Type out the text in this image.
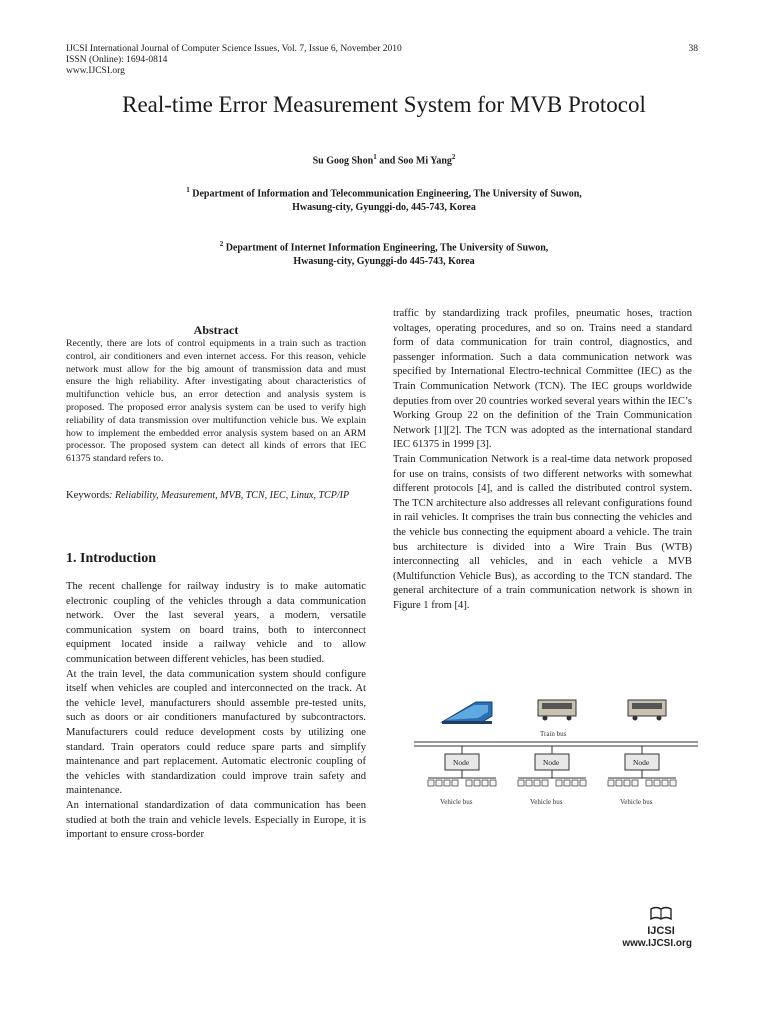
IJCSI International Journal of Computer Science Issues, Vol. 7, Issue 6, November 2010
ISSN (Online): 1694-0814
www.IJCSI.org
38
Real-time Error Measurement System for MVB Protocol
Su Goog Shon$^1$ and Soo Mi Yang$^2$
$^1$ Department of Information and Telecommunication Engineering, The University of Suwon,
Hwasung-city, Gyunggi-do, 445-743, Korea
$^2$ Department of Internet Information Engineering, The University of Suwon,
Hwasung-city, Gyunggi-do 445-743, Korea
Abstract
Recently, there are lots of control equipments in a train such as traction control, air conditioners and even internet access. For this reason, vehicle network must allow for the big amount of transmission data and must ensure the high reliability. After investigating about characteristics of multifunction vehicle bus, an error detection and analysis system is proposed. The proposed error analysis system can be used to verify high reliability of data transmission over multifunction vehicle bus. We explain how to implement the embedded error analysis system based on an ARM processor. The proposed system can detect all kinds of errors that IEC 61375 standard refers to.
Keywords: Reliability, Measurement, MVB, TCN, IEC, Linux, TCP/IP
1. Introduction

The recent challenge for railway industry is to make automatic electronic coupling of the vehicles through a data communication network. Over the last several years, a modern, versatile communication system on board trains, both to interconnect equipment located inside a railway vehicle and to allow communication between different vehicles, has been studied.

At the train level, the data communication system should configure itself when vehicles are coupled and interconnected on the track. At the vehicle level, manufacturers should assemble pre-tested units, such as doors or air conditioners manufactured by subcontractors. Manufacturers could reduce development costs by utilizing one standard. Train operators could reduce spare parts and simplify maintenance and part replacement. Automatic electronic coupling of the vehicles with standardization could improve train safety and maintenance.

An international standardization of data communication has been studied at both the train and vehicle levels. Especially in Europe, it is important to ensure cross-border

traffic by standardizing track profiles, pneumatic hoses, traction voltages, operating procedures, and so on. Trains need a standard form of data communication for train control, diagnostics, and passenger information. Such a data communication network was specified by International Electro-technical Committee (IEC) as the Train Communication Network (TCN). The IEC groups worldwide deputies from over 20 countries worked several years within the IEC’s Working Group 22 on the definition of the Train Communication Network [1][2]. The TCN was adopted as the international standard IEC 61375 in 1999 [3].

Train Communication Network is a real-time data network proposed for use on trains, consists of two different networks with somewhat different protocols [4], and is called the distributed control system. The TCN architecture also addresses all relevant configurations found in rail vehicles. It comprises the train bus connecting the vehicles and the vehicle bus connecting the equipment aboard a vehicle. The train bus architecture is divided into a Wire Train Bus (WTB) interconnecting all vehicles, and in each vehicle a MVB (Multifunction Vehicle Bus), as according to the TCN standard. The general architecture of a train communication network is shown in Figure 1 from [4].

Train bus
Node	Node	Node
Vehicle bus	Vehicle bus	Vehicle bus
IJCSI
www.IJCSI.org
